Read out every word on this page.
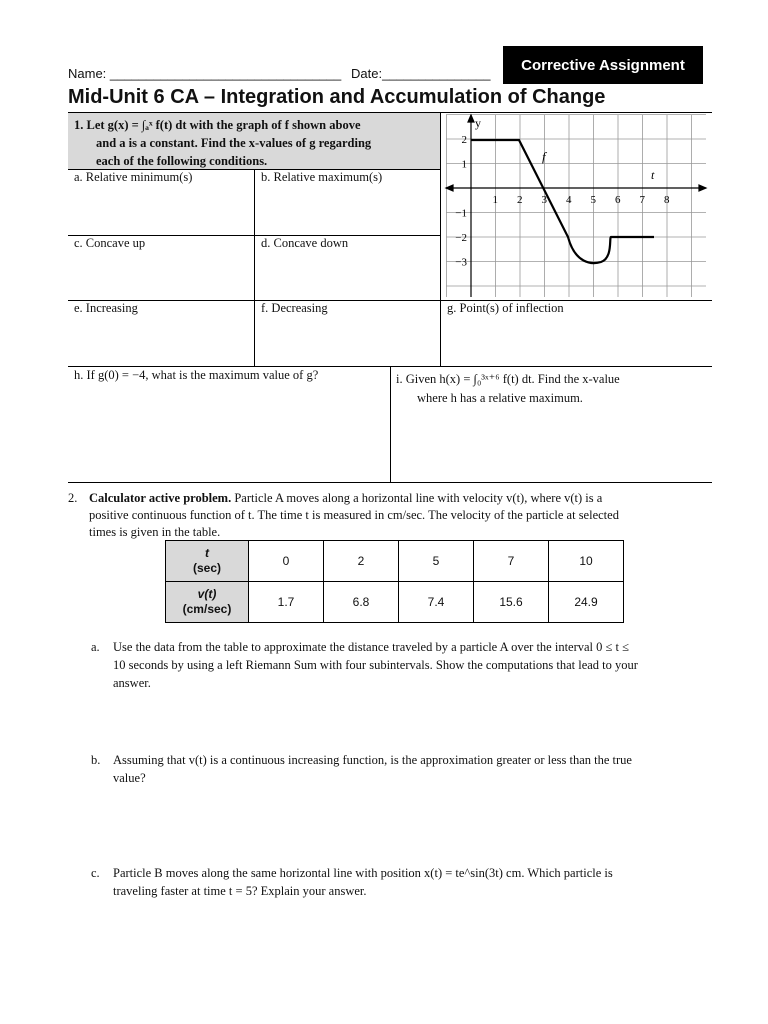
Name: ________________________________ Date:_______________	Corrective Assignment
Mid-Unit 6 CA – Integration and Accumulation of Change
1. Let g(x) = ∫ₐˣ f(t) dt with the graph of f shown above
and a is a constant. Find the x-values of g regarding
each of the following conditions.
a. Relative minimum(s)	b. Relative maximum(s)
c. Concave up	d. Concave down
e. Increasing	f. Decreasing	g. Point(s) of inflection
h. If g(0) = −4, what is the maximum value of g?	i. Given h(x) = ∫₀³ˣ⁺⁶ f(t) dt. Find the x-value
where h has a relative maximum.
y
t
f
1 2 3 4 5 6 7 8
2
1
−1
−2
−3
2. Calculator active problem. Particle A moves along a horizontal line with velocity v(t), where v(t) is a
positive continuous function of t. The time t is measured in cm/sec. The velocity of the particle at selected
times is given in the table.
t
(sec)	0	2	5	7	10

v(t)
(cm/sec)	1.7	6.8	7.4	15.6	24.9
a. Use the data from the table to approximate the distance traveled by a particle A over the interval 0 ≤ t ≤
10 seconds by using a left Riemann Sum with four subintervals. Show the computations that lead to your
answer.
b. Assuming that v(t) is a continuous increasing function, is the approximation greater or less than the true
value?
c. Particle B moves along the same horizontal line with position x(t) = te^sin(3t) cm. Which particle is
traveling faster at time t = 5? Explain your answer.
